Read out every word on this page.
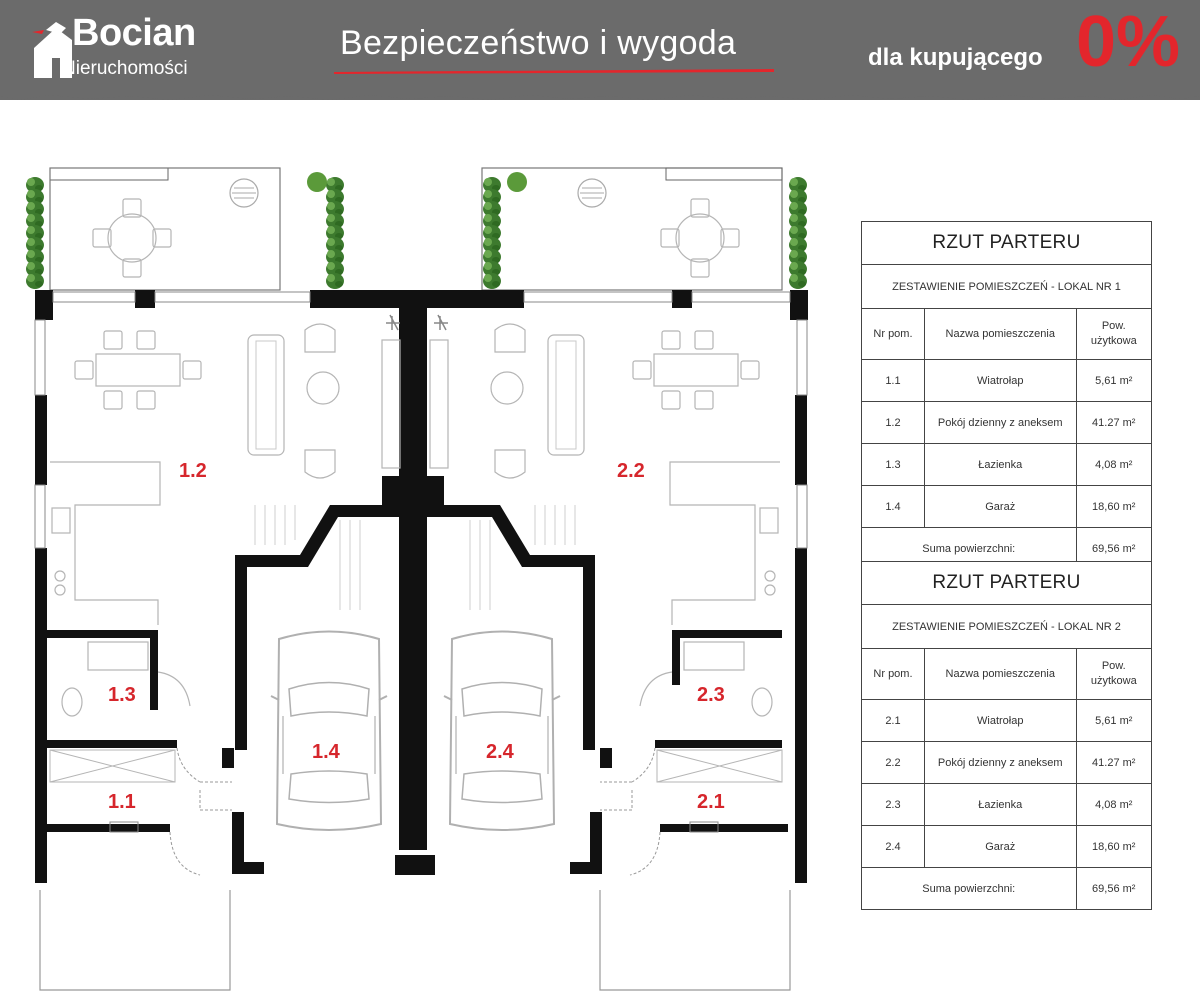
Bocian
Nieruchomości
Bezpieczeństwo i wygoda	dla kupującego 0%
1.2	2.2
1.3	2.3
1.4	2.4
1.1	2.1
RZUT PARTERU		
ZESTAWIENIE POMIESZCZEŃ - LOKAL NR 1		
Nr pom.	Nazwa pomieszczenia	Pow. użytkowa
1.1	Wiatrołap	5,61 m²
1.2	Pokój dzienny z aneksem	41.27 m²
1.3	Łazienka	4,08 m²
1.4	Garaż	18,60 m²
Suma powierzchni:		69,56 m²
RZUT PARTERU		
ZESTAWIENIE POMIESZCZEŃ - LOKAL NR 2		
Nr pom.	Nazwa pomieszczenia	Pow. użytkowa
2.1	Wiatrołap	5,61 m²
2.2	Pokój dzienny z aneksem	41.27 m²
2.3	Łazienka	4,08 m²
2.4	Garaż	18,60 m²
Suma powierzchni:		69,56 m²
